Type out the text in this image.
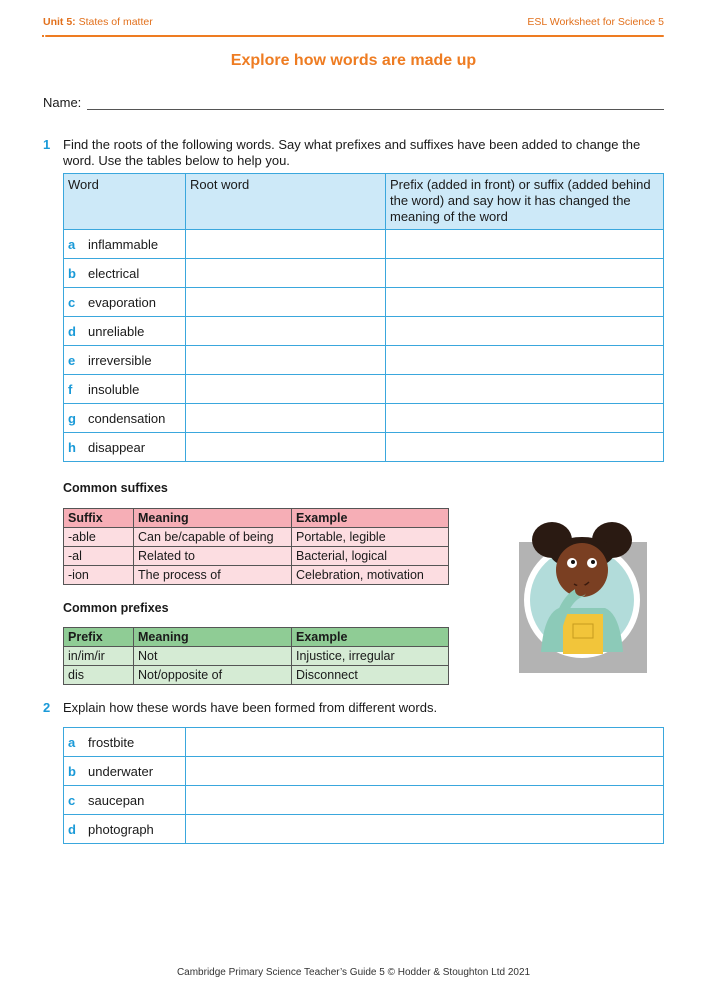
Unit 5: States of matter	ESL Worksheet for Science 5
Explore how words are made up
Name:
1 Find the roots of the following words. Say what prefixes and suffixes have been added to change the word. Use the tables below to help you.
Word	Root word	Prefix (added in front) or suffix (added behind the word) and say how it has changed the meaning of the word
a inflammable		
b electrical		
c evaporation		
d unreliable		
e irreversible		
f insoluble		
g condensation		
h disappear		
Common suffixes
Suffix	Meaning	Example
-able	Can be/capable of being	Portable, legible
-al	Related to	Bacterial, logical
-ion	The process of	Celebration, motivation
Common prefixes
Prefix	Meaning	Example
in/im/ir	Not	Injustice, irregular
dis	Not/opposite of	Disconnect
2 Explain how these words have been formed from different words.
a frostbite	
b underwater	
c saucepan	
d photograph	
Cambridge Primary Science Teacher’s Guide 5 © Hodder & Stoughton Ltd 2021
